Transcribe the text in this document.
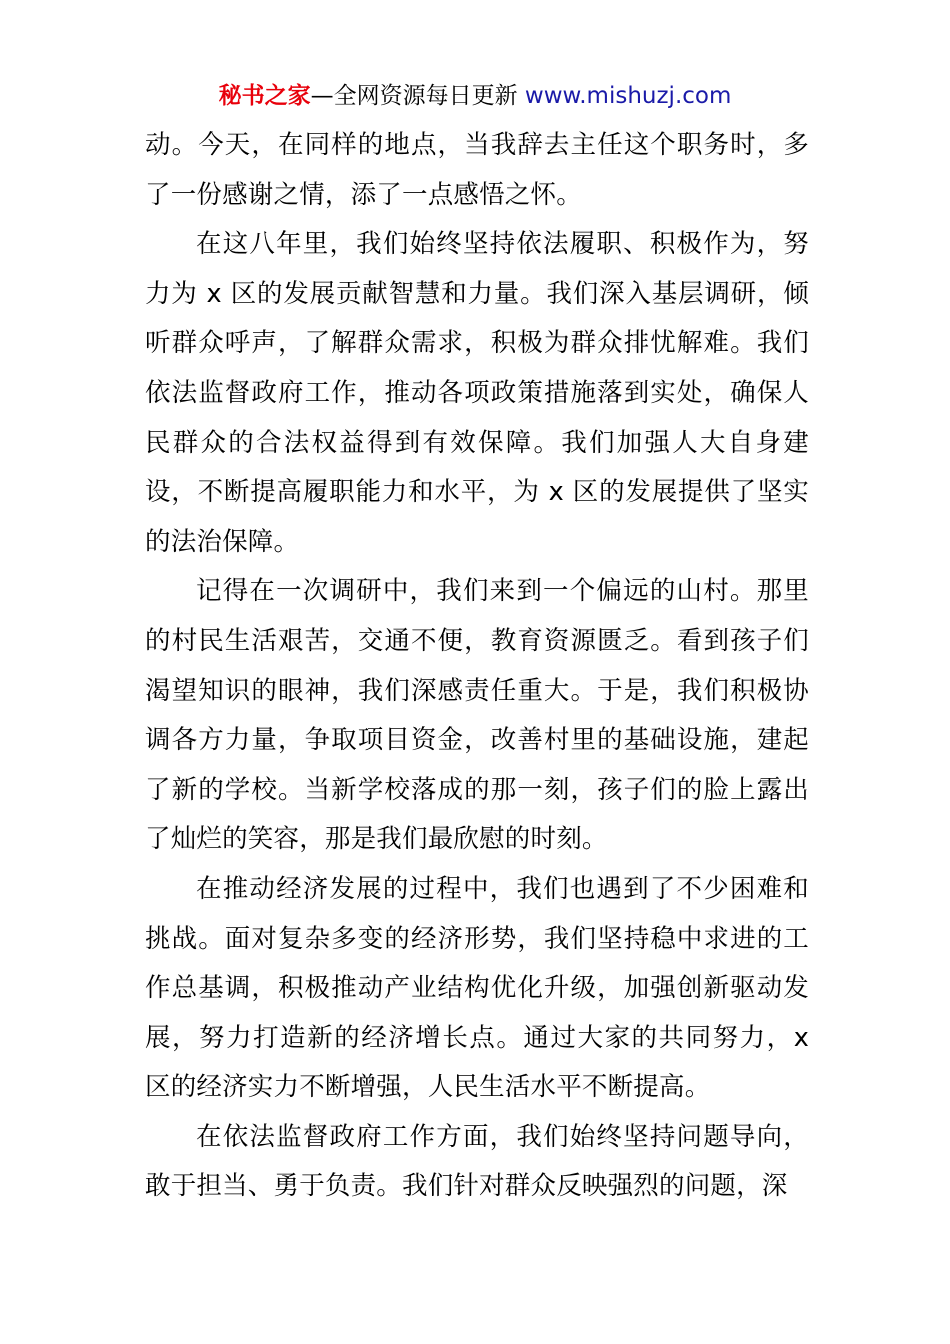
秘书之家—全网资源每日更新 www.mishuzj.com

动。今天，在同样的地点，当我辞去主任这个职务时，多了一份感谢之情，添了一点感悟之怀。

在这八年里，我们始终坚持依法履职、积极作为，努力为 x 区的发展贡献智慧和力量。我们深入基层调研，倾听群众呼声，了解群众需求，积极为群众排忧解难。我们依法监督政府工作，推动各项政策措施落到实处，确保人民群众的合法权益得到有效保障。我们加强人大自身建设，不断提高履职能力和水平，为 x 区的发展提供了坚实的法治保障。

记得在一次调研中，我们来到一个偏远的山村。那里的村民生活艰苦，交通不便，教育资源匮乏。看到孩子们渴望知识的眼神，我们深感责任重大。于是，我们积极协调各方力量，争取项目资金，改善村里的基础设施，建起了新的学校。当新学校落成的那一刻，孩子们的脸上露出了灿烂的笑容，那是我们最欣慰的时刻。

在推动经济发展的过程中，我们也遇到了不少困难和挑战。面对复杂多变的经济形势，我们坚持稳中求进的工作总基调，积极推动产业结构优化升级，加强创新驱动发展，努力打造新的经济增长点。通过大家的共同努力，x 区的经济实力不断增强，人民生活水平不断提高。

在依法监督政府工作方面，我们始终坚持问题导向，敢于担当、勇于负责。我们针对群众反映强烈的问题，深
